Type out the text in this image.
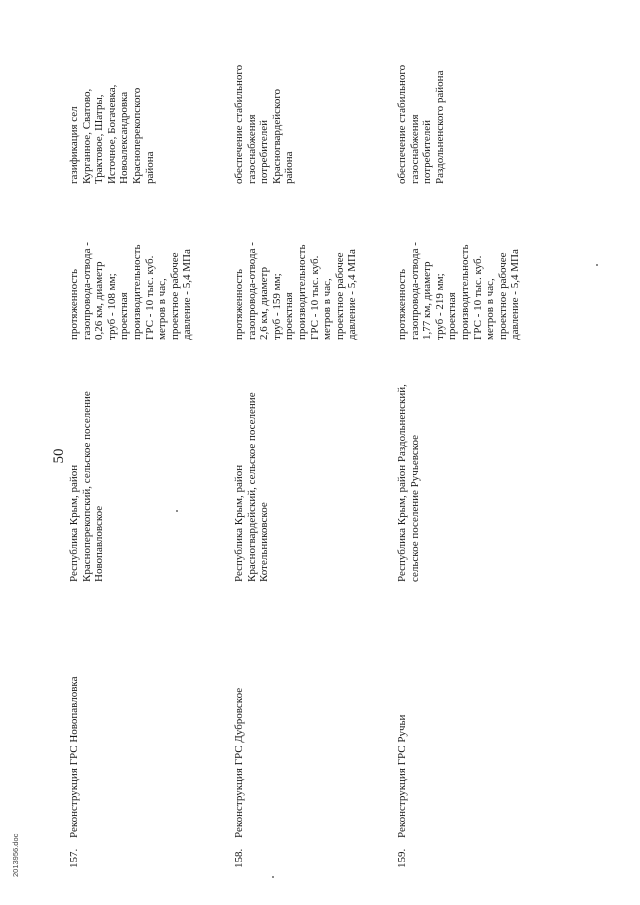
50
157.
Реконструкция ГРС Новопавловка
Республика Крым, район
Красноперекопский, сельское поселение
Новопавловское
протяженность
газопровода-отвода -
0,26 км, диаметр
труб - 108 мм;
проектная
производительность
ГРС - 10 тыс. куб.
метров в час,
проектное рабочее
давление - 5,4 МПа
газификация сел
Курганное, Сватово,
Трактовое, Шатры,
Источное, Богачевка,
Новоалександровка
Красноперекопского
района
158.
Реконструкция ГРС Дубровское
Республика Крым, район
Красногвардейский, сельское поселение
Котельниковское
протяженность
газопровода-отвода -
2,6 км, диаметр
труб - 159 мм;
проектная
производительность
ГРС - 10 тыс. куб.
метров в час,
проектное рабочее
давление - 5,4 МПа
обеспечение стабильного
газоснабжения
потребителей
Красногвардейского
района
159.
Реконструкция ГРС Ручьи
Республика Крым, район Раздольненский,
сельское поселение Ручьевское
протяженность
газопровода-отвода -
1,77 км, диаметр
труб - 219 мм;
проектная
производительность
ГРС - 10 тыс. куб.
метров в час,
проектное рабочее
давление - 5,4 МПа
обеспечение стабильного
газоснабжения
потребителей
Раздольненского района
2013956.doc
